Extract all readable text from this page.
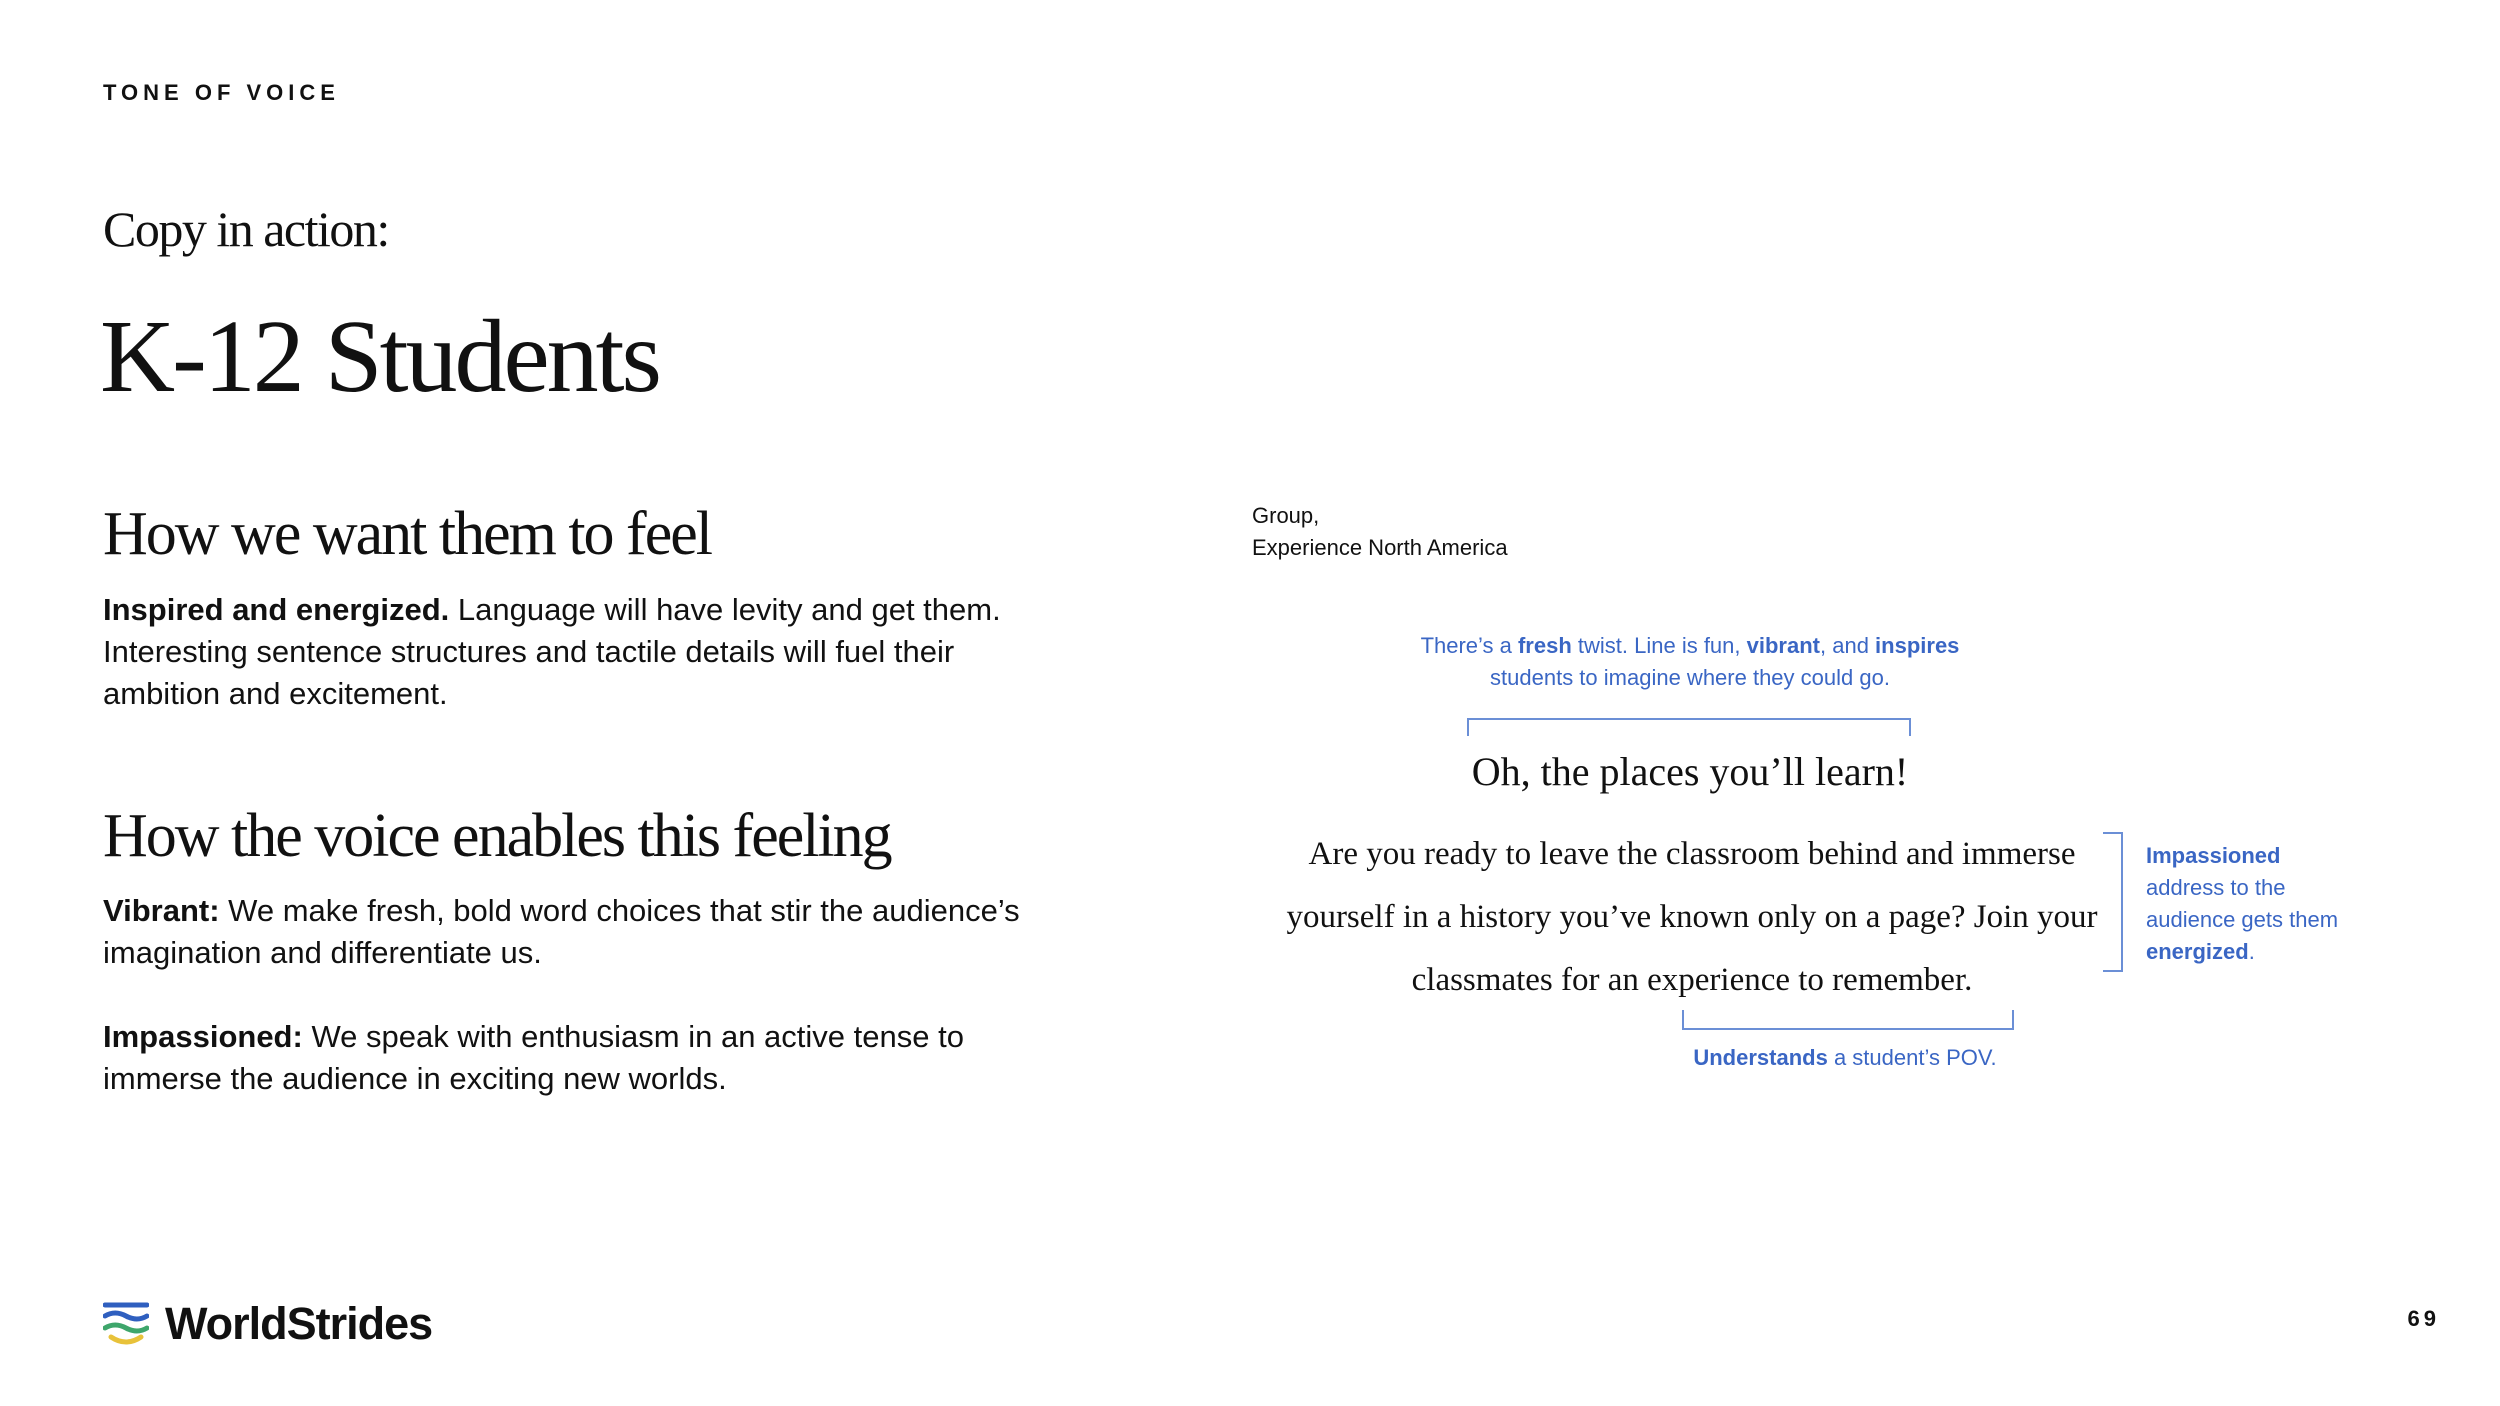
TONE OF VOICE
Copy in action:
K-12 Students
How we want them to feel
Inspired and energized. Language will have levity and get them. Interesting sentence structures and tactile details will fuel their ambition and excitement.
How the voice enables this feeling
Vibrant: We make fresh, bold word choices that stir the audience’s imagination and differentiate us.
Impassioned: We speak with enthusiasm in an active tense to immerse the audience in exciting new worlds.
Group,
Experience North America
There’s a fresh twist. Line is fun, vibrant, and inspires students to imagine where they could go.
Oh, the places you’ll learn!
Are you ready to leave the classroom behind and immerse yourself in a history you’ve known only on a page? Join your classmates for an experience to remember.
Impassioned address to the audience gets them energized.
Understands a student’s POV.
WorldStrides	69
